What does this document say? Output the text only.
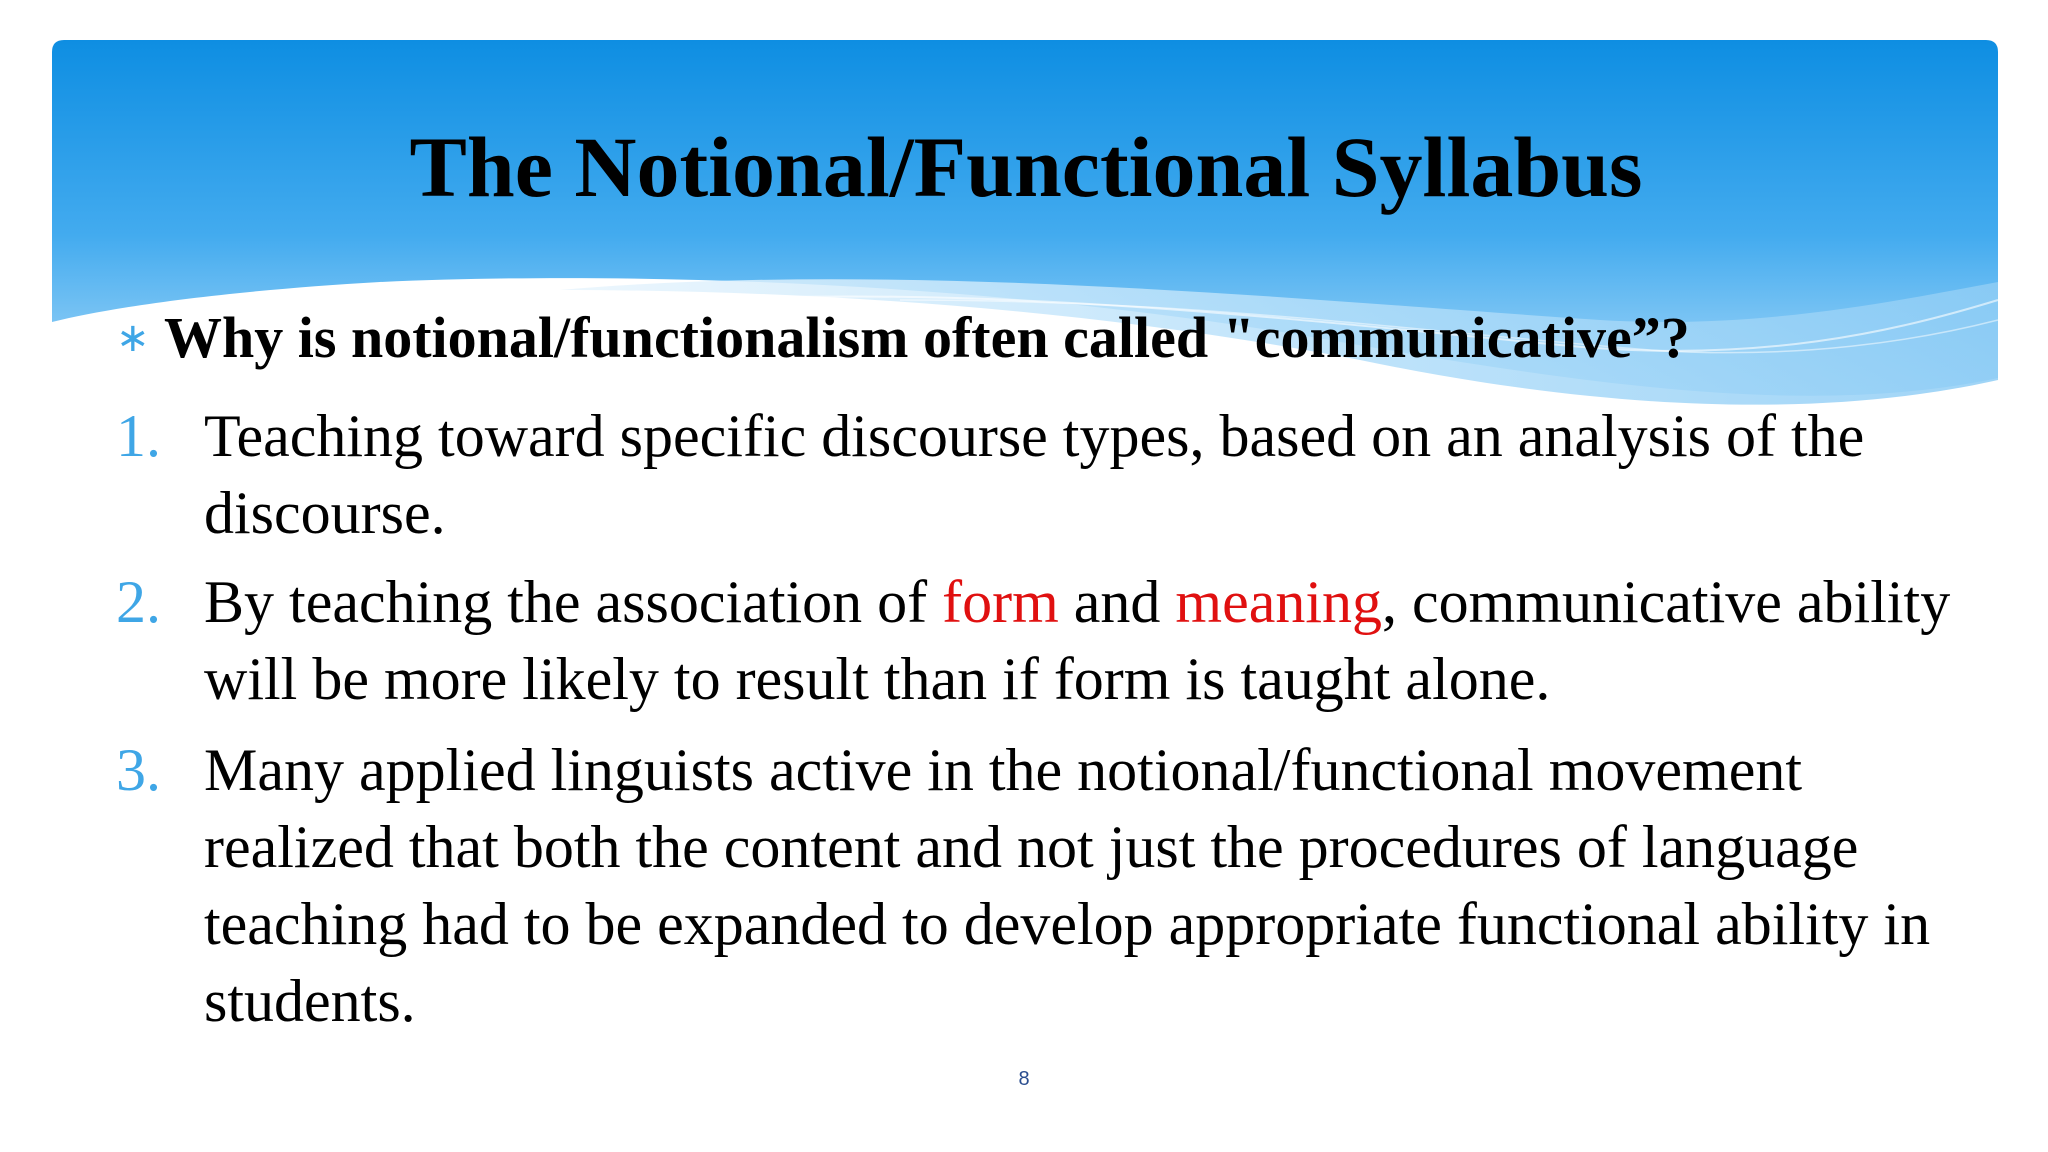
The Notional/Functional Syllabus
∗ Why is notional/functionalism often called "communicative”?
1. Teaching toward specific discourse types, based on an analysis of the discourse.
2. By teaching the association of form and meaning, communicative ability will be more likely to result than if form is taught alone.
3. Many applied linguists active in the notional/functional movement realized that both the content and not just the procedures of language teaching had to be expanded to develop appropriate functional ability in students.
8
